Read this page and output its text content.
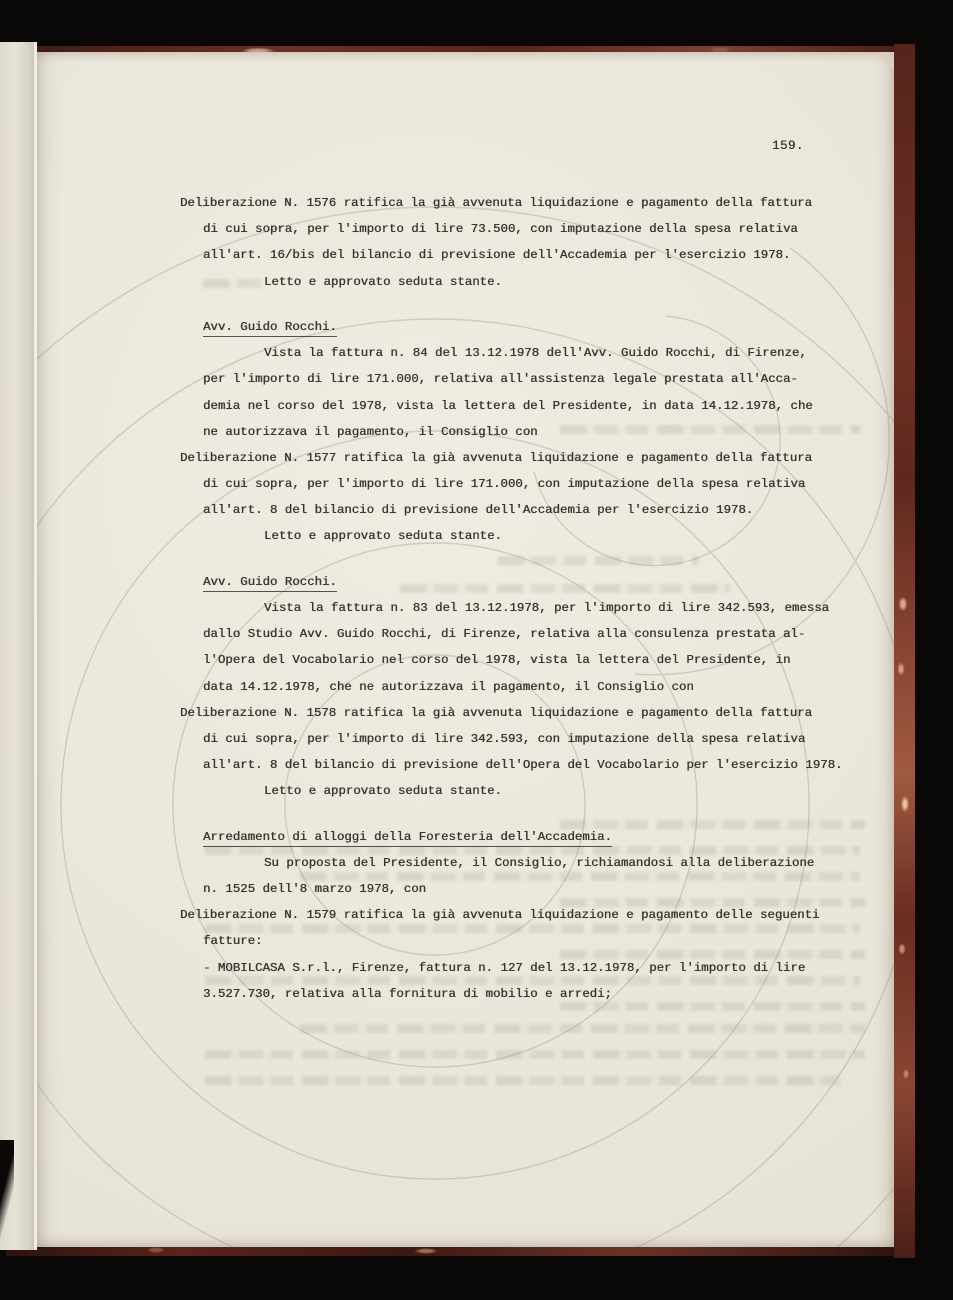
159.
Deliberazione N. 1576 ratifica la già avvenuta liquidazione e pagamento della fattura
di cui sopra, per l'importo di lire 73.500, con imputazione della spesa relativa
all'art. 16/bis del bilancio di previsione dell'Accademia per l'esercizio 1978.
Letto e approvato seduta stante.
Avv. Guido Rocchi.
Vista la fattura n. 84 del 13.12.1978 dell'Avv. Guido Rocchi, di Firenze,
per l'importo di lire 171.000, relativa all'assistenza legale prestata all'Acca-
demia nel corso del 1978, vista la lettera del Presidente, in data 14.12.1978, che
ne autorizzava il pagamento, il Consiglio con
Deliberazione N. 1577 ratifica la già avvenuta liquidazione e pagamento della fattura
di cui sopra, per l'importo di lire 171.000, con imputazione della spesa relativa
all'art. 8 del bilancio di previsione dell'Accademia per l'esercizio 1978.
Letto e approvato seduta stante.
Avv. Guido Rocchi.
Vista la fattura n. 83 del 13.12.1978, per l'importo di lire 342.593, emessa
dallo Studio Avv. Guido Rocchi, di Firenze, relativa alla consulenza prestata al-
l'Opera del Vocabolario nel corso del 1978, vista la lettera del Presidente, in
data 14.12.1978, che ne autorizzava il pagamento, il Consiglio con
Deliberazione N. 1578 ratifica la già avvenuta liquidazione e pagamento della fattura
di cui sopra, per l'importo di lire 342.593, con imputazione della spesa relativa
all'art. 8 del bilancio di previsione dell'Opera del Vocabolario per l'esercizio 1978.
Letto e approvato seduta stante.
Arredamento di alloggi della Foresteria dell'Accademia.
Su proposta del Presidente, il Consiglio, richiamandosi alla deliberazione
n. 1525 dell'8 marzo 1978, con
Deliberazione N. 1579 ratifica la già avvenuta liquidazione e pagamento delle seguenti
fatture:
- MOBILCASA S.r.l., Firenze, fattura n. 127 del 13.12.1978, per l'importo di lire
3.527.730, relativa alla fornitura di mobilio e arredi;
